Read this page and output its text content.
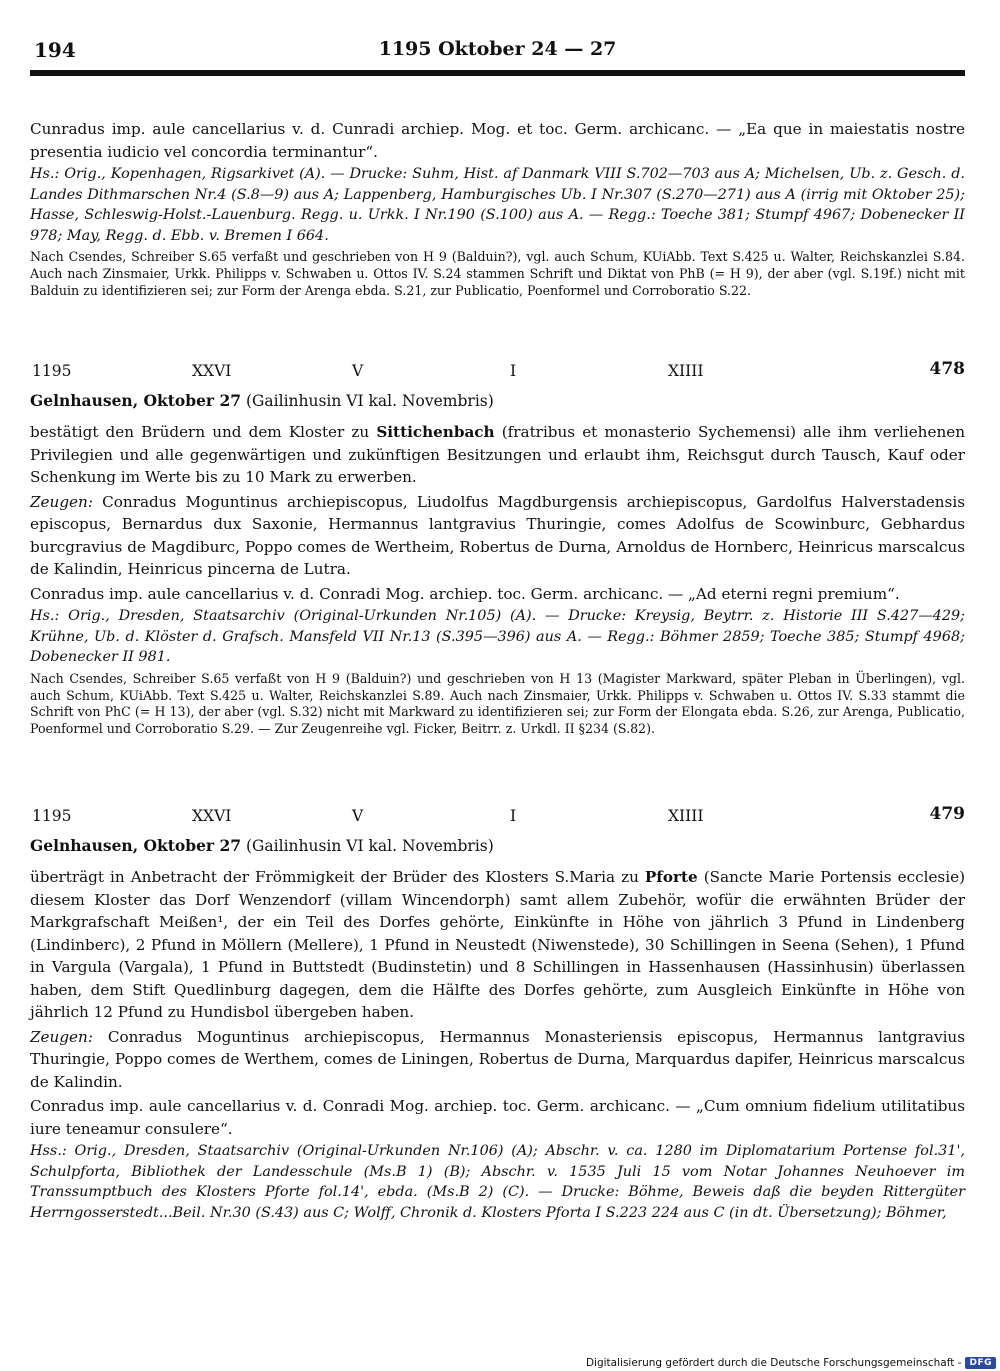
194	1195 Oktober 24 — 27

Cunradus imp. aule cancellarius v. d. Cunradi archiep. Mog. et toc. Germ. archicanc. — „Ea que in maiestatis nostre presentia iudicio vel concordia terminantur“.

Hs.: Orig., Kopenhagen, Rigsarkivet (A). — Drucke: Suhm, Hist. af Danmark VIII S.702—703 aus A; Michelsen, Ub. z. Gesch. d. Landes Dithmarschen Nr.4 (S.8—9) aus A; Lappenberg, Hamburgisches Ub. I Nr.307 (S.270—271) aus A (irrig mit Oktober 25); Hasse, Schleswig-Holst.-Lauenburg. Regg. u. Urkk. I Nr.190 (S.100) aus A. — Regg.: Toeche 381; Stumpf 4967; Dobenecker II 978; May, Regg. d. Ebb. v. Bremen I 664.

Nach Csendes, Schreiber S.65 verfaßt und geschrieben von H 9 (Balduin?), vgl. auch Schum, KUiAbb. Text S.425 u. Walter, Reichskanzlei S.84. Auch nach Zinsmaier, Urkk. Philipps v. Schwaben u. Ottos IV. S.24 stammen Schrift und Diktat von PhB (= H 9), der aber (vgl. S.19f.) nicht mit Balduin zu identifizieren sei; zur Form der Arenga ebda. S.21, zur Publicatio, Poenformel und Corroboratio S.22.

1195	XXVI	V	I	XIIII	478

Gelnhausen, Oktober 27 (Gailinhusin VI kal. Novembris)

bestätigt den Brüdern und dem Kloster zu Sittichenbach (fratribus et monasterio Sychemensi) alle ihm verliehenen Privilegien und alle gegenwärtigen und zukünftigen Besitzungen und erlaubt ihm, Reichsgut durch Tausch, Kauf oder Schenkung im Werte bis zu 10 Mark zu erwerben.

Zeugen: Conradus Moguntinus archiepiscopus, Liudolfus Magdburgensis archiepiscopus, Gardolfus Halverstadensis episcopus, Bernardus dux Saxonie, Hermannus lantgravius Thuringie, comes Adolfus de Scowinburc, Gebhardus burcgravius de Magdiburc, Poppo comes de Wertheim, Robertus de Durna, Arnoldus de Hornberc, Heinricus marscalcus de Kalindin, Heinricus pincerna de Lutra.

Conradus imp. aule cancellarius v. d. Conradi Mog. archiep. toc. Germ. archicanc. — „Ad eterni regni premium“.

Hs.: Orig., Dresden, Staatsarchiv (Original-Urkunden Nr.105) (A). — Drucke: Kreysig, Beytrr. z. Historie III S.427—429; Krühne, Ub. d. Klöster d. Grafsch. Mansfeld VII Nr.13 (S.395—396) aus A. — Regg.: Böhmer 2859; Toeche 385; Stumpf 4968; Dobenecker II 981.

Nach Csendes, Schreiber S.65 verfaßt von H 9 (Balduin?) und geschrieben von H 13 (Magister Markward, später Pleban in Überlingen), vgl. auch Schum, KUiAbb. Text S.425 u. Walter, Reichskanzlei S.89. Auch nach Zinsmaier, Urkk. Philipps v. Schwaben u. Ottos IV. S.33 stammt die Schrift von PhC (= H 13), der aber (vgl. S.32) nicht mit Markward zu identifizieren sei; zur Form der Elongata ebda. S.26, zur Arenga, Publicatio, Poenformel und Corroboratio S.29. — Zur Zeugenreihe vgl. Ficker, Beitrr. z. Urkdl. II §234 (S.82).

1195	XXVI	V	I	XIIII	479

Gelnhausen, Oktober 27 (Gailinhusin VI kal. Novembris)

überträgt in Anbetracht der Frömmigkeit der Brüder des Klosters S.Maria zu Pforte (Sancte Marie Portensis ecclesie) diesem Kloster das Dorf Wenzendorf (villam Wincendorph) samt allem Zubehör, wofür die erwähnten Brüder der Markgrafschaft Meißen¹, der ein Teil des Dorfes gehörte, Einkünfte in Höhe von jährlich 3 Pfund in Lindenberg (Lindinberc), 2 Pfund in Möllern (Mellere), 1 Pfund in Neustedt (Niwenstede), 30 Schillingen in Seena (Sehen), 1 Pfund in Vargula (Vargala), 1 Pfund in Buttstedt (Budinstetin) und 8 Schillingen in Hassenhausen (Hassinhusin) überlassen haben, dem Stift Quedlinburg dagegen, dem die Hälfte des Dorfes gehörte, zum Ausgleich Einkünfte in Höhe von jährlich 12 Pfund zu Hundisbol übergeben haben.

Zeugen: Conradus Moguntinus archiepiscopus, Hermannus Monasteriensis episcopus, Hermannus lantgravius Thuringie, Poppo comes de Werthem, comes de Liningen, Robertus de Durna, Marquardus dapifer, Heinricus marscalcus de Kalindin.

Conradus imp. aule cancellarius v. d. Conradi Mog. archiep. toc. Germ. archicanc. — „Cum omnium fidelium utilitatibus iure teneamur consulere“.

Hss.: Orig., Dresden, Staatsarchiv (Original-Urkunden Nr.106) (A); Abschr. v. ca. 1280 im Diplomatarium Portense fol.31', Schulpforta, Bibliothek der Landesschule (Ms.B 1) (B); Abschr. v. 1535 Juli 15 vom Notar Johannes Neuhoever im Transsumptbuch des Klosters Pforte fol.14', ebda. (Ms.B 2) (C). — Drucke: Böhme, Beweis daß die beyden Rittergüter Herrngosserstedt...Beil. Nr.30 (S.43) aus C; Wolff, Chronik d. Klosters Pforta I S.223 224 aus C (in dt. Übersetzung); Böhmer,

Digitalisierung gefördert durch die Deutsche Forschungsgemeinschaft - DFG
